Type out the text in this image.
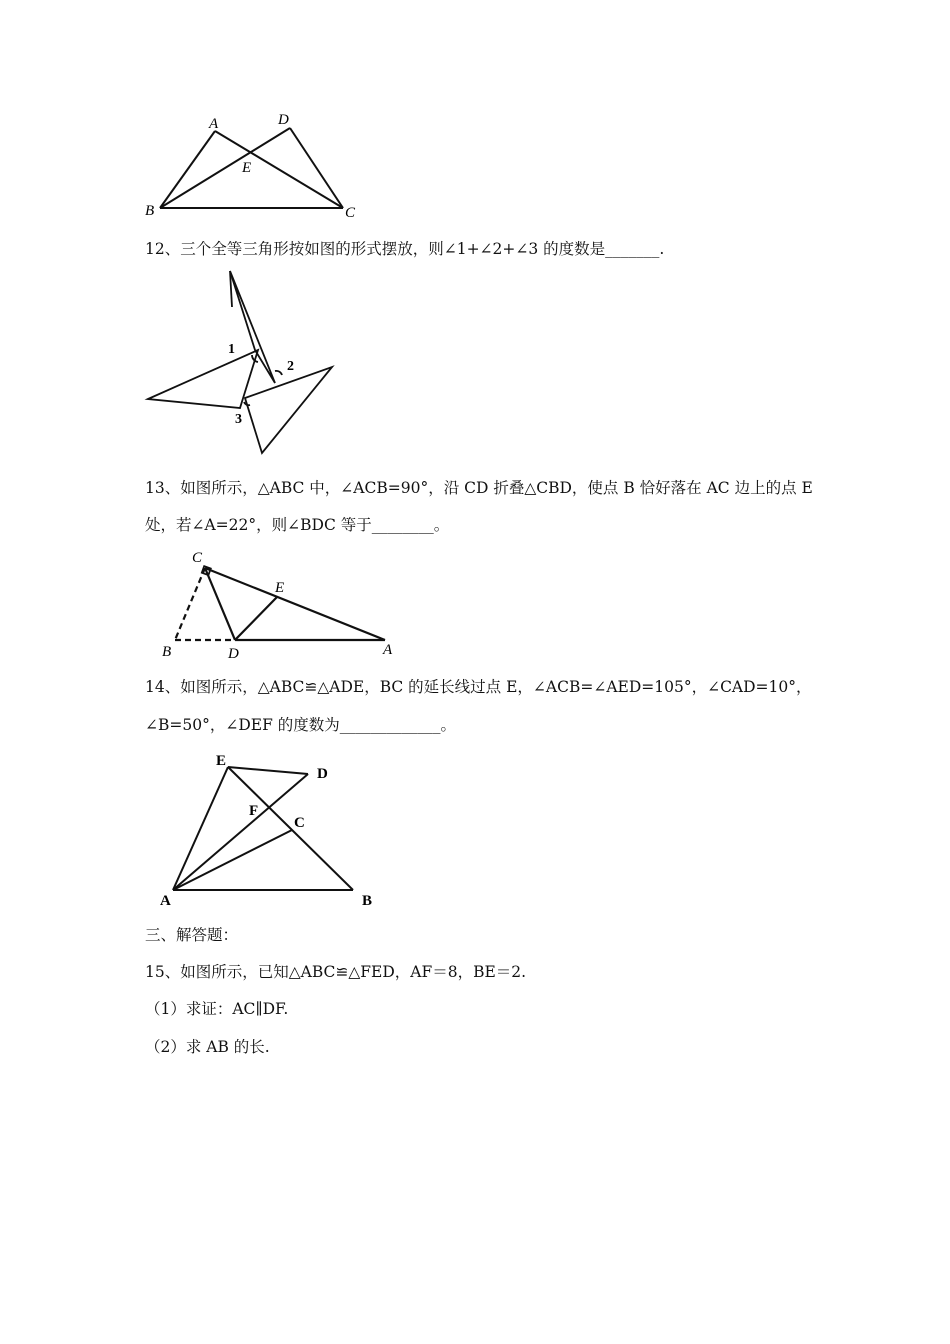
A	D
E
B	C
12、三个全等三角形按如图的形式摆放，则∠1+∠2+∠3 的度数是_______.
1
2
3
13、如图所示，△ABC 中，∠ACB=90°，沿 CD 折叠△CBD，使点 B 恰好落在 AC 边上的点 E
处，若∠A=22°，则∠BDC 等于________。
C
E
B	D	A
14、如图所示，△ABC≌△ADE，BC 的延长线过点 E，∠ACB=∠AED=105°，∠CAD=10°，
∠B=50°，∠DEF 的度数为_____________。
E
D
F
C
A	B
三、解答题：
15、如图所示，已知△ABC≌△FED，AF＝8，BE＝2.
（1）求证：AC∥DF.
（2）求 AB 的长.
